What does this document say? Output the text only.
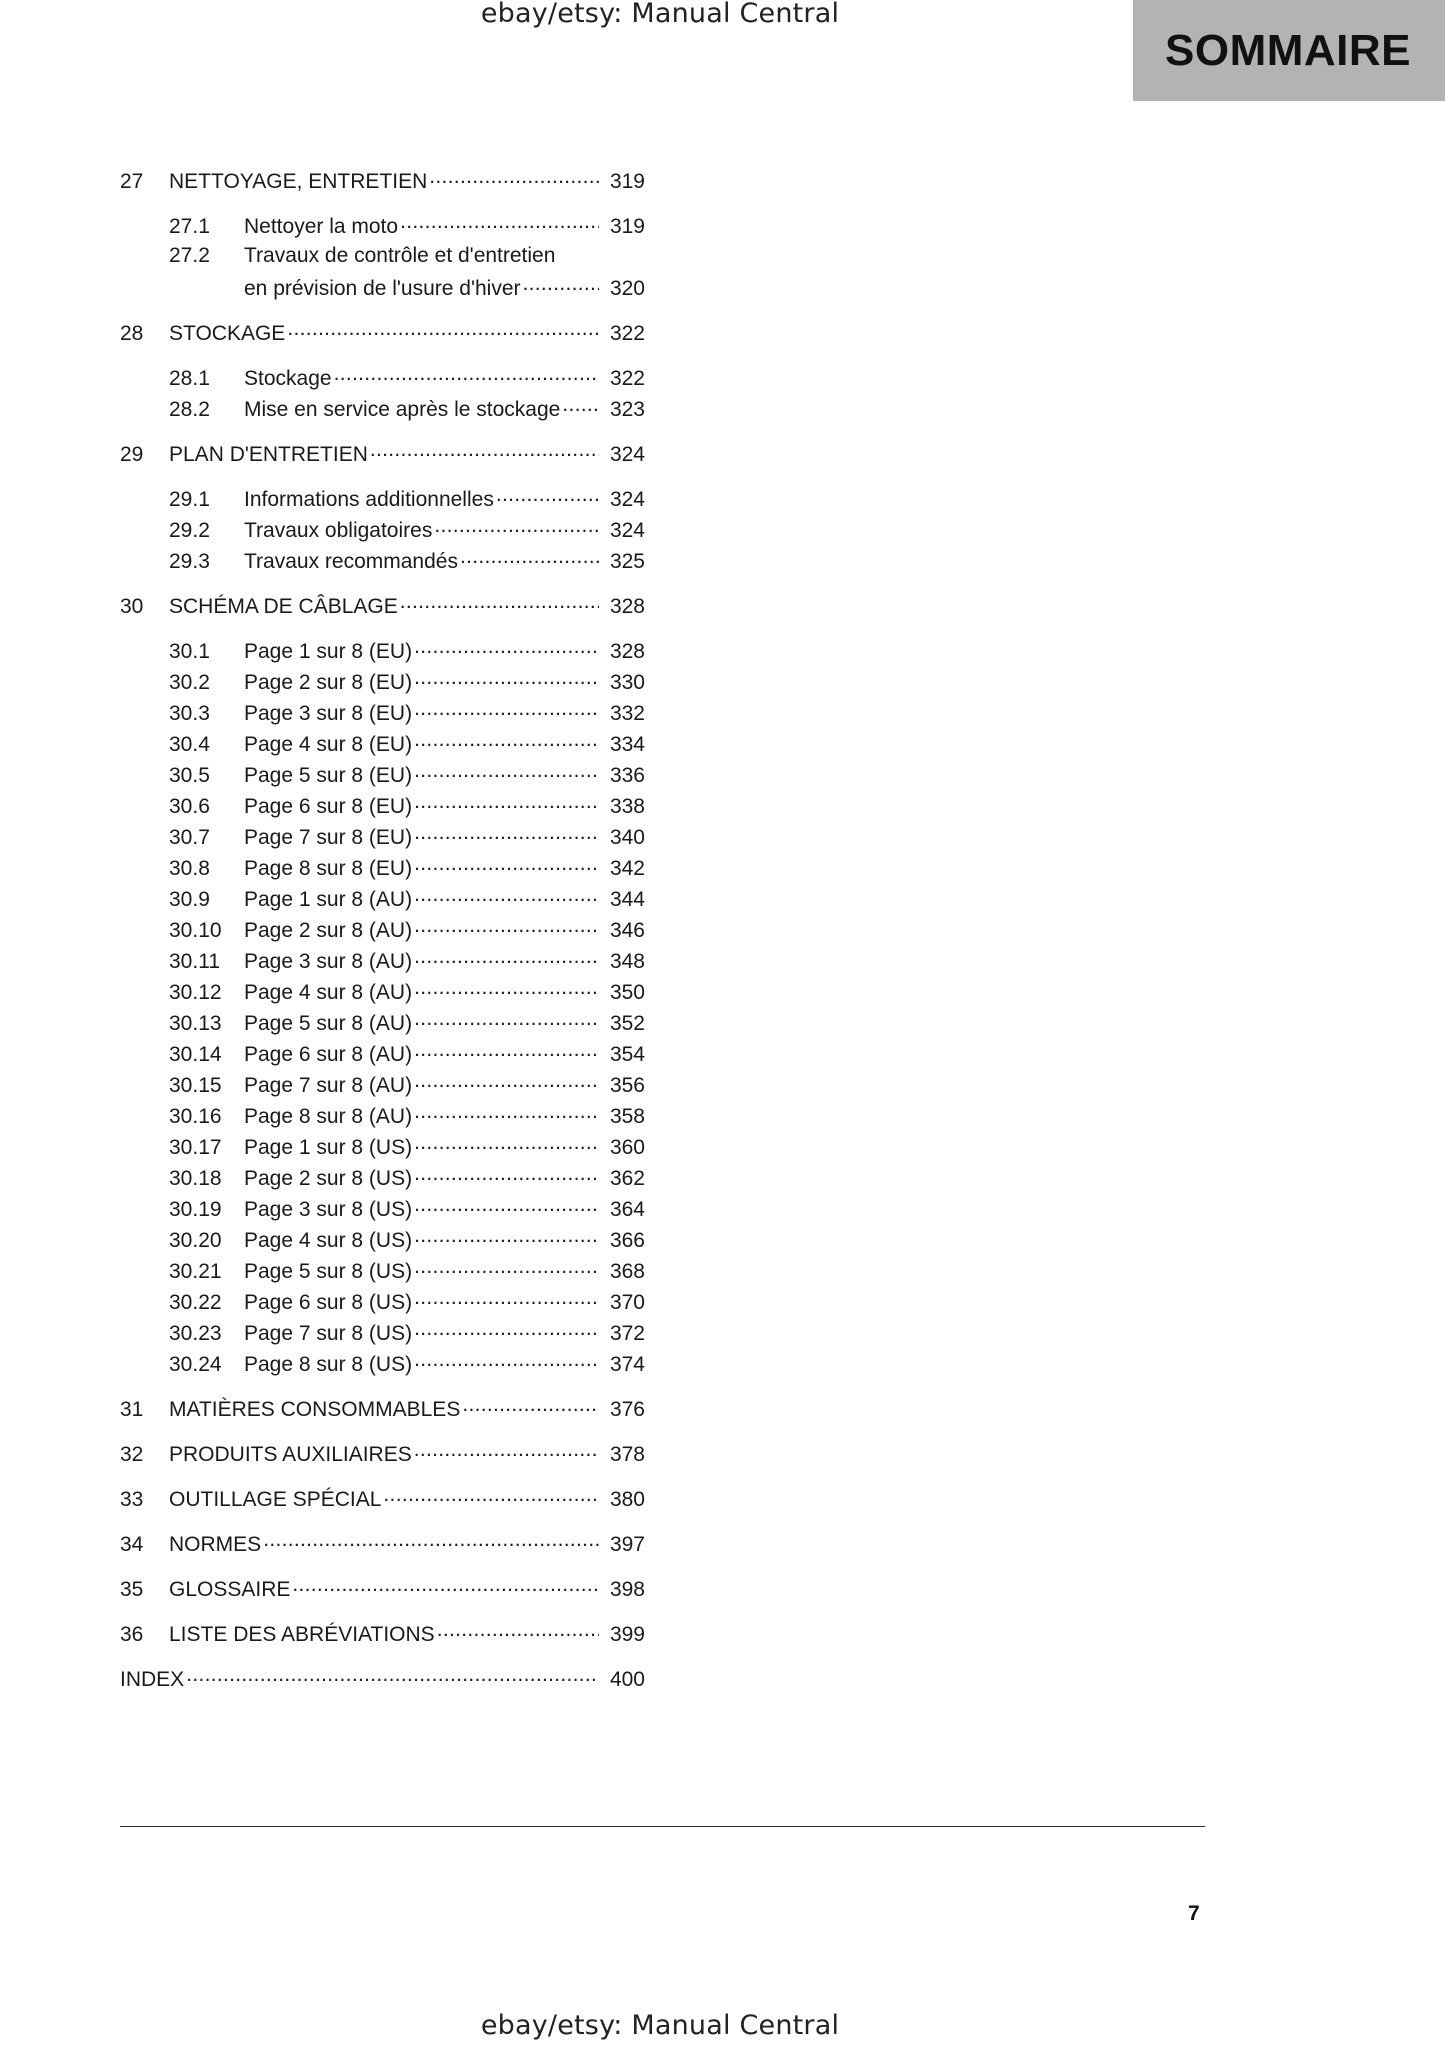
ebay/etsy: Manual Central
SOMMAIRE
27	NETTOYAGE, ENTRETIEN .....	319
27.1	Nettoyer la moto .....	319
27.2	Travaux de contrôle et d'entretien
en prévision de l'usure d'hiver .....	320
28	STOCKAGE .....	322
28.1	Stockage .....	322
28.2	Mise en service après le stockage .....	323
29	PLAN D'ENTRETIEN .....	324
29.1	Informations additionnelles .....	324
29.2	Travaux obligatoires .....	324
29.3	Travaux recommandés .....	325
30	SCHÉMA DE CÂBLAGE .....	328
30.1	Page 1 sur 8 (EU) .....	328
30.2	Page 2 sur 8 (EU) .....	330
30.3	Page 3 sur 8 (EU) .....	332
30.4	Page 4 sur 8 (EU) .....	334
30.5	Page 5 sur 8 (EU) .....	336
30.6	Page 6 sur 8 (EU) .....	338
30.7	Page 7 sur 8 (EU) .....	340
30.8	Page 8 sur 8 (EU) .....	342
30.9	Page 1 sur 8 (AU) .....	344
30.10	Page 2 sur 8 (AU) .....	346
30.11	Page 3 sur 8 (AU) .....	348
30.12	Page 4 sur 8 (AU) .....	350
30.13	Page 5 sur 8 (AU) .....	352
30.14	Page 6 sur 8 (AU) .....	354
30.15	Page 7 sur 8 (AU) .....	356
30.16	Page 8 sur 8 (AU) .....	358
30.17	Page 1 sur 8 (US) .....	360
30.18	Page 2 sur 8 (US) .....	362
30.19	Page 3 sur 8 (US) .....	364
30.20	Page 4 sur 8 (US) .....	366
30.21	Page 5 sur 8 (US) .....	368
30.22	Page 6 sur 8 (US) .....	370
30.23	Page 7 sur 8 (US) .....	372
30.24	Page 8 sur 8 (US) .....	374
31	MATIÈRES CONSOMMABLES .....	376
32	PRODUITS AUXILIAIRES .....	378
33	OUTILLAGE SPÉCIAL .....	380
34	NORMES .....	397
35	GLOSSAIRE .....	398
36	LISTE DES ABRÉVIATIONS .....	399
INDEX .....	400
7
ebay/etsy: Manual Central
